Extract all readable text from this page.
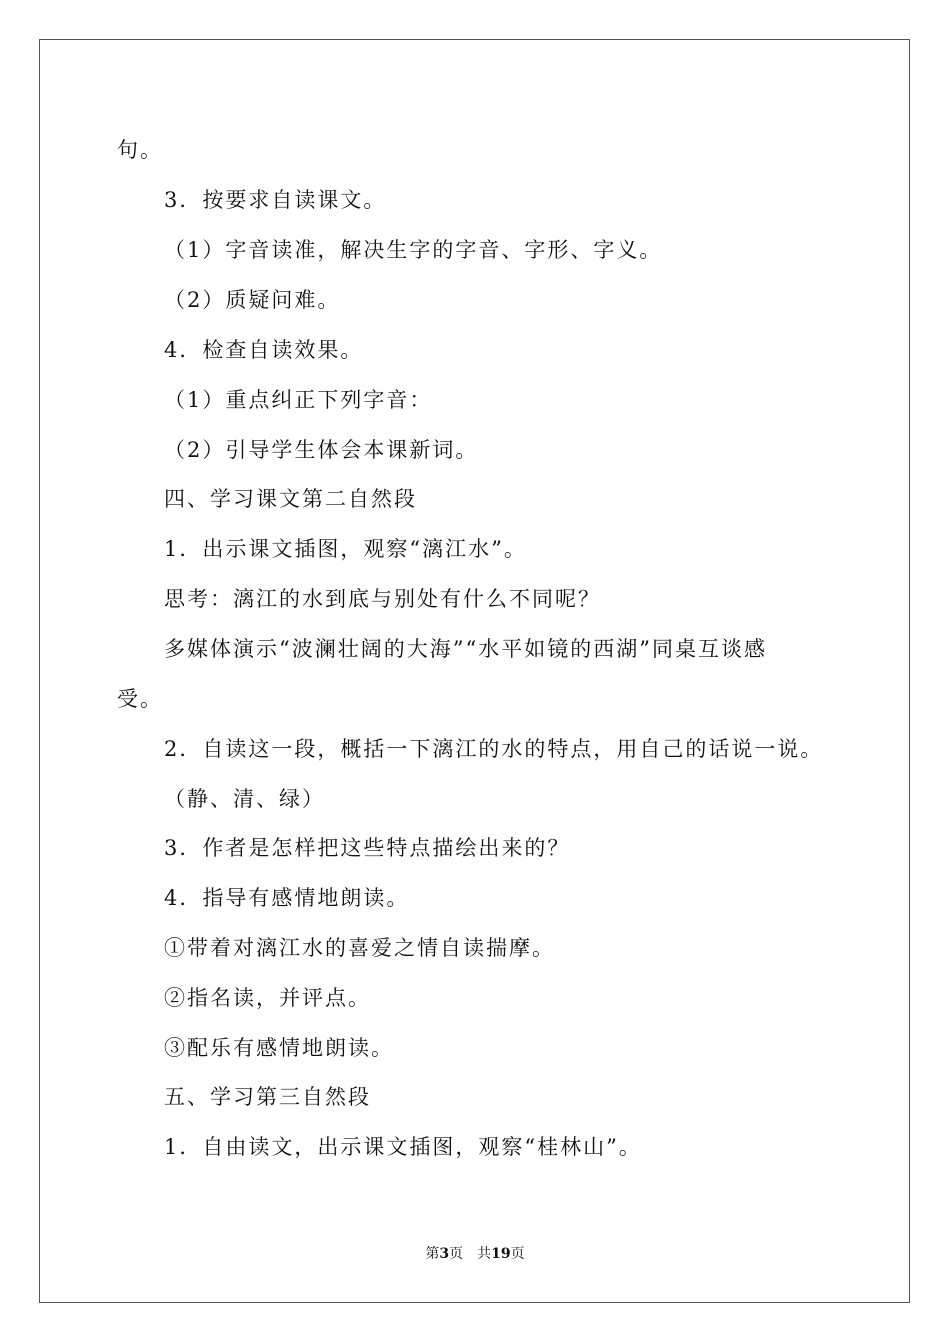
句。
3．按要求自读课文。
（1）字音读准，解决生字的字音、字形、字义。
（2）质疑问难。
4．检查自读效果。
（1）重点纠正下列字音：
（2）引导学生体会本课新词。
四、学习课文第二自然段
1．出示课文插图，观察“漓江水”。
思考：漓江的水到底与别处有什么不同呢？
多媒体演示“波澜壮阔的大海”“水平如镜的西湖”同桌互谈感
受。
2．自读这一段，概括一下漓江的水的特点，用自己的话说一说。
（静、清、绿）
3．作者是怎样把这些特点描绘出来的？
4．指导有感情地朗读。
①带着对漓江水的喜爱之情自读揣摩。
②指名读，并评点。
③配乐有感情地朗读。
五、学习第三自然段
1．自由读文，出示课文插图，观察“桂林山”。
第3页　共19页
